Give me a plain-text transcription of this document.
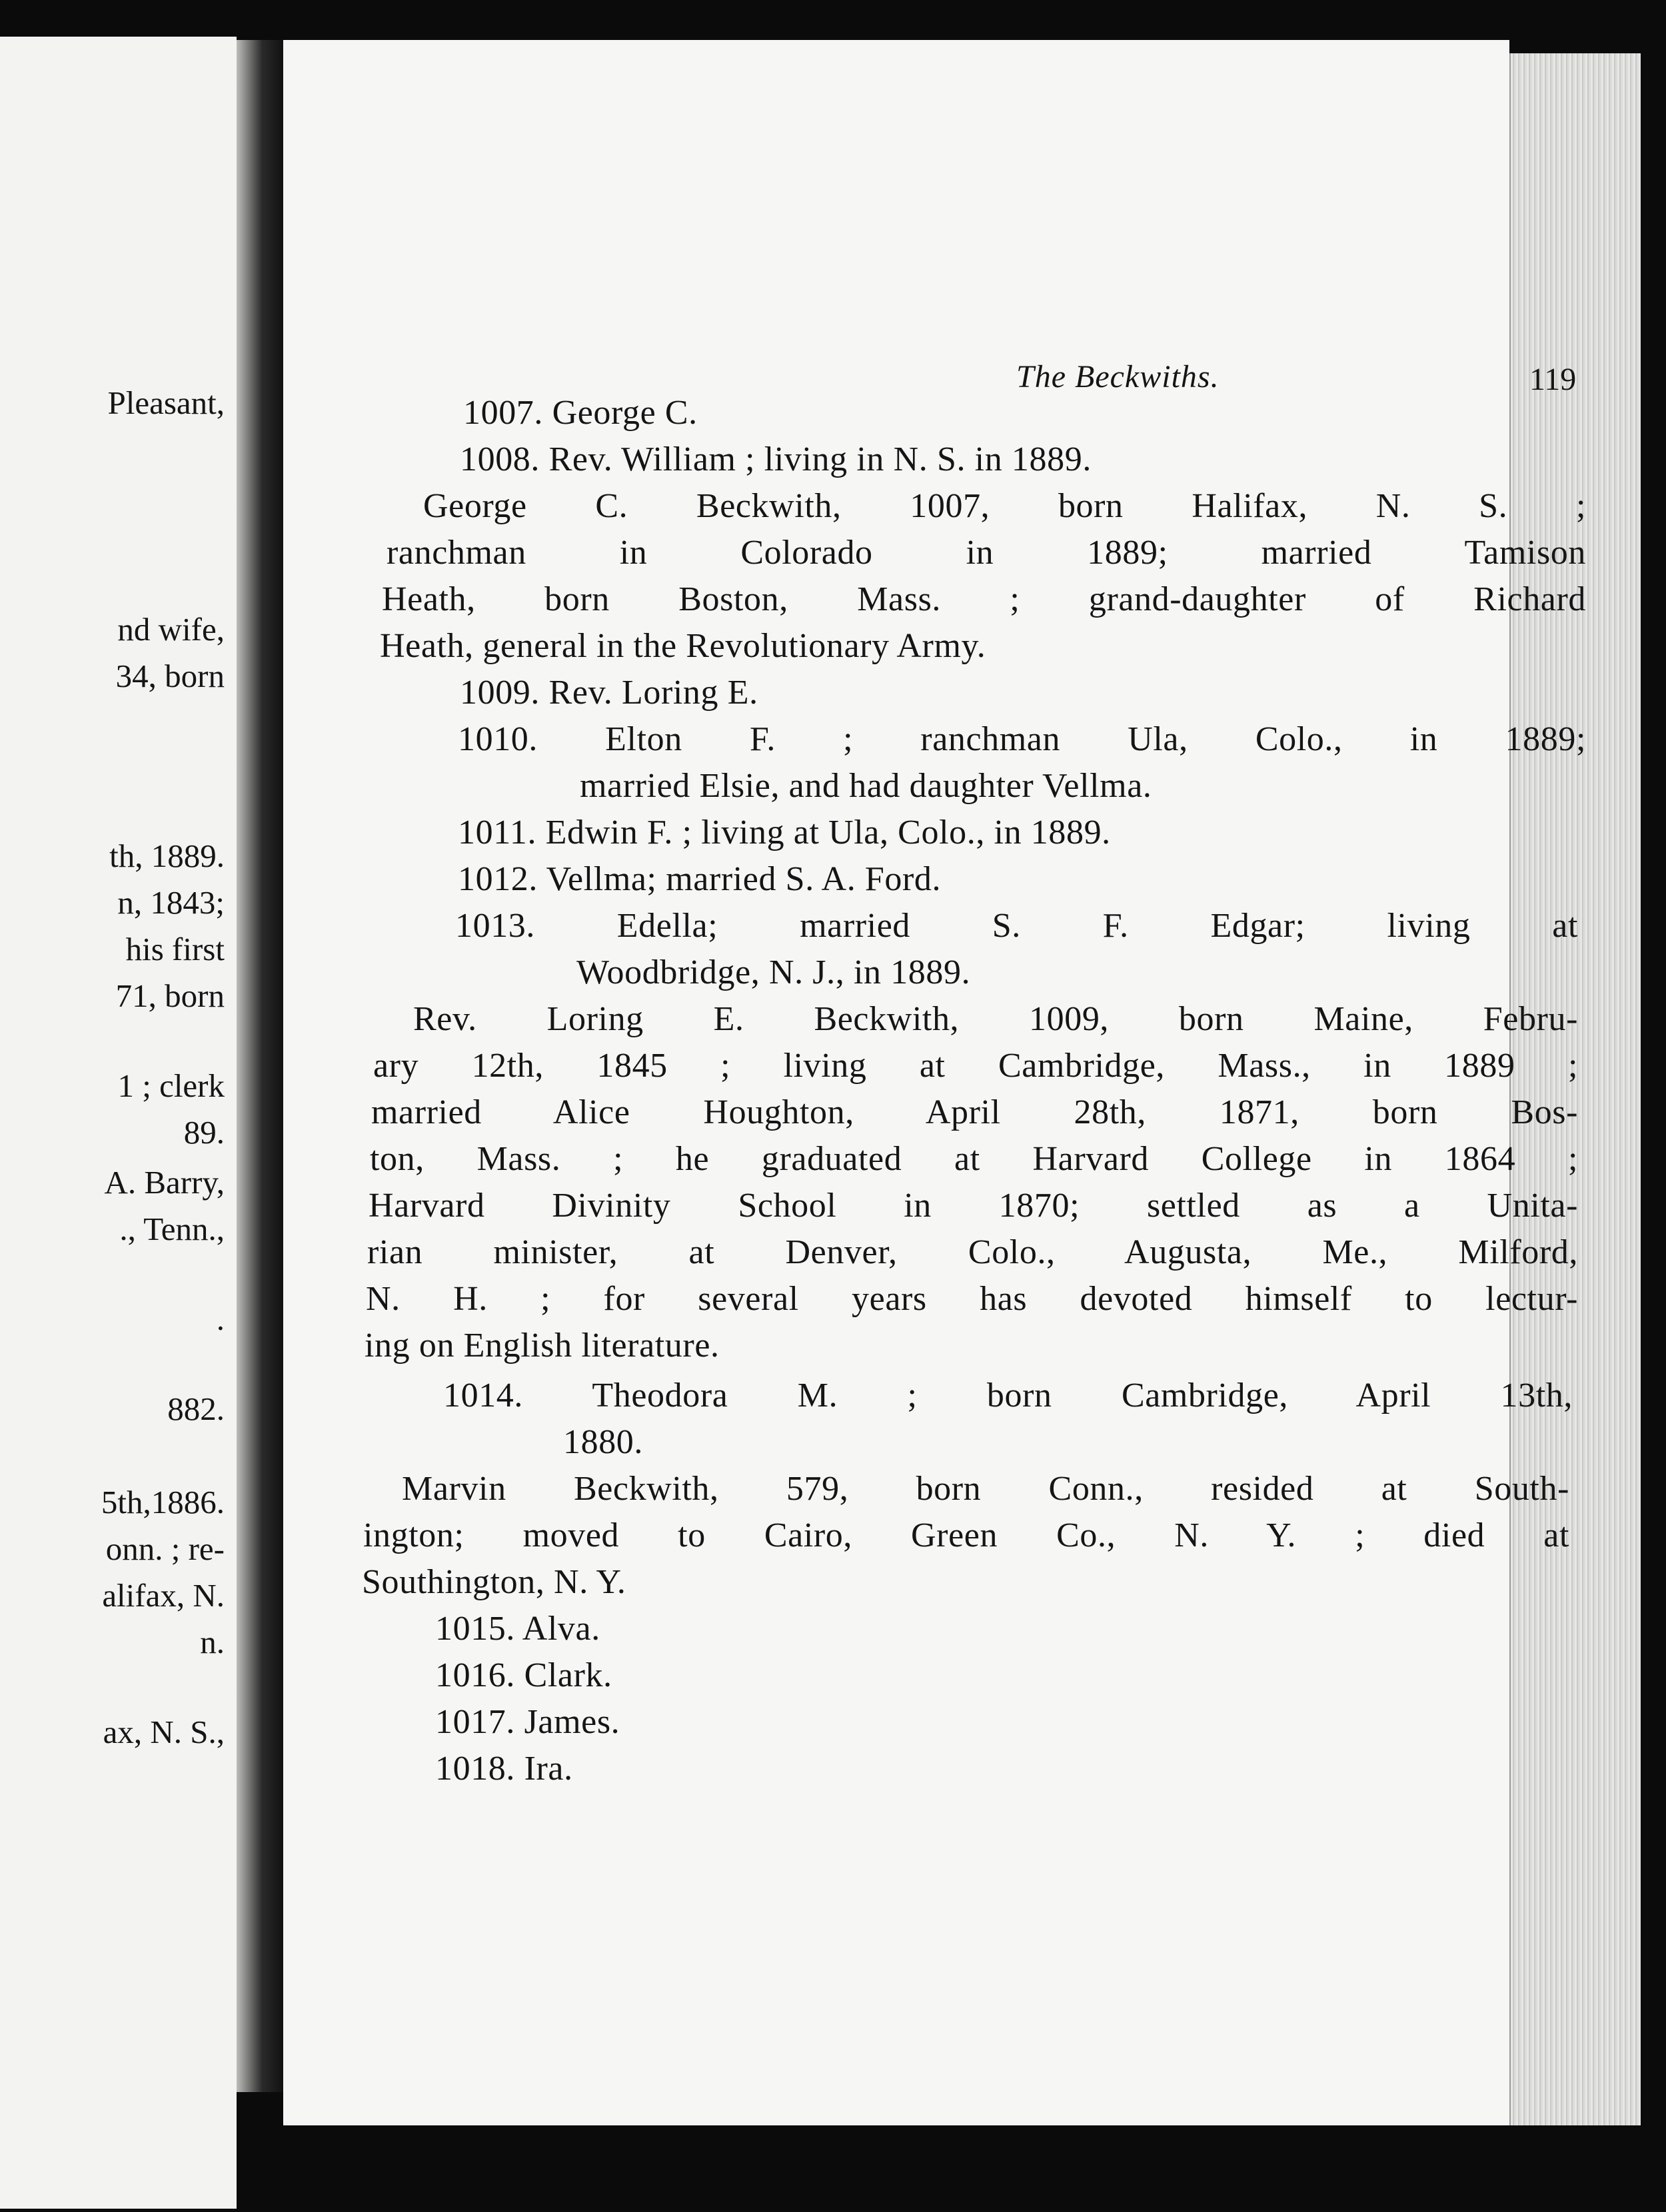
Pleasant,

nd wife,

34, born

th, 1889.

n, 1843;

his first

71, born

1 ; clerk

89.

A. Barry,

., Tenn.,

.

882.

5th,1886.

onn. ; re-

alifax, N.

n.

ax, N. S.,

The Beckwiths.	119

1007. George C.

1008. Rev. William ; living in N. S. in 1889.

George C. Beckwith, 1007, born Halifax, N. S. ;

ranchman in Colorado in 1889; married Tamison

Heath, born Boston, Mass. ; grand-daughter of Richard

Heath, general in the Revolutionary Army.

1009. Rev. Loring E.

1010. Elton F. ; ranchman Ula, Colo., in 1889;

married Elsie, and had daughter Vellma.

1011. Edwin F. ; living at Ula, Colo., in 1889.

1012. Vellma; married S. A. Ford.

1013. Edella; married S. F. Edgar; living at

Woodbridge, N. J., in 1889.

Rev. Loring E. Beckwith, 1009, born Maine, Febru-

ary 12th, 1845 ; living at Cambridge, Mass., in 1889 ;

married Alice Houghton, April 28th, 1871, born Bos-

ton, Mass. ; he graduated at Harvard College in 1864 ;

Harvard Divinity School in 1870; settled as a Unita-

rian minister, at Denver, Colo., Augusta, Me., Milford,

N. H. ; for several years has devoted himself to lectur-

ing on English literature.

1014. Theodora M. ; born Cambridge, April 13th,

1880.

Marvin Beckwith, 579, born Conn., resided at South-

ington; moved to Cairo, Green Co., N. Y. ; died at

Southington, N. Y.

1015. Alva.

1016. Clark.

1017. James.

1018. Ira.
